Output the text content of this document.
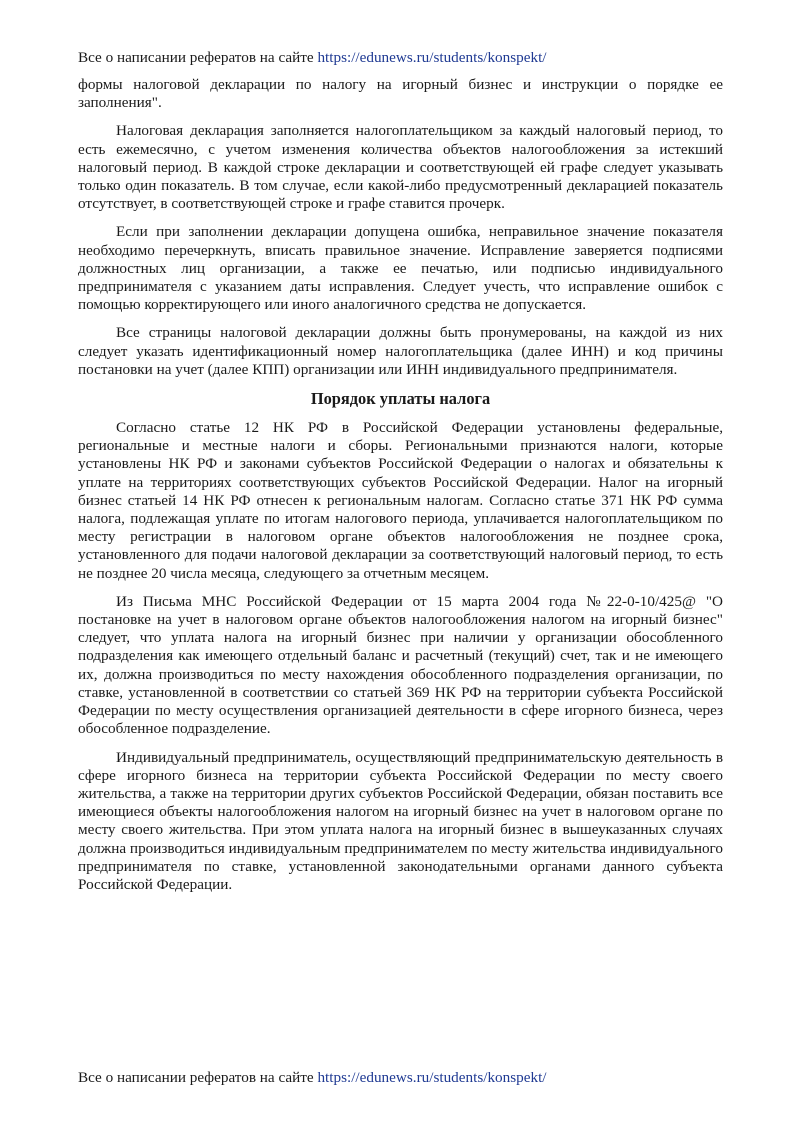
Все о написании рефератов на сайте https://edunews.ru/students/konspekt/

формы налоговой декларации по налогу на игорный бизнес и инструкции о порядке ее заполнения".

Налоговая декларация заполняется налогоплательщиком за каждый налоговый период, то есть ежемесячно, с учетом изменения количества объектов налогообложения за истекший налоговый период. В каждой строке декларации и соответствующей ей графе следует указывать только один показатель. В том случае, если какой-либо предусмотренный декларацией показатель отсутствует, в соответствующей строке и графе ставится прочерк.

Если при заполнении декларации допущена ошибка, неправильное значение показателя необходимо перечеркнуть, вписать правильное значение. Исправление заверяется подписями должностных лиц организации, а также ее печатью, или подписью индивидуального предпринимателя с указанием даты исправления. Следует учесть, что исправление ошибок с помощью корректирующего или иного аналогичного средства не допускается.

Все страницы налоговой декларации должны быть пронумерованы, на каждой из них следует указать идентификационный номер налогоплательщика (далее ИНН) и код причины постановки на учет (далее КПП) организации или ИНН индивидуального предпринимателя.

Порядок уплаты налога

Согласно статье 12 НК РФ в Российской Федерации установлены федеральные, региональные и местные налоги и сборы. Региональными признаются налоги, которые установлены НК РФ и законами субъектов Российской Федерации о налогах и обязательны к уплате на территориях соответствующих субъектов Российской Федерации. Налог на игорный бизнес статьей 14 НК РФ отнесен к региональным налогам. Согласно статье 371 НК РФ сумма налога, подлежащая уплате по итогам налогового периода, уплачивается налогоплательщиком по месту регистрации в налоговом органе объектов налогообложения не позднее срока, установленного для подачи налоговой декларации за соответствующий налоговый период, то есть не позднее 20 числа месяца, следующего за отчетным месяцем.

Из Письма МНС Российской Федерации от 15 марта 2004 года №22-0-10/425@ "О постановке на учет в налоговом органе объектов налогообложения налогом на игорный бизнес" следует, что уплата налога на игорный бизнес при наличии у организации обособленного подразделения как имеющего отдельный баланс и расчетный (текущий) счет, так и не имеющего их, должна производиться по месту нахождения обособленного подразделения организации, по ставке, установленной в соответствии со статьей 369 НК РФ на территории субъекта Российской Федерации по месту осуществления организацией деятельности в сфере игорного бизнеса, через обособленное подразделение.

Индивидуальный предприниматель, осуществляющий предпринимательскую деятельность в сфере игорного бизнеса на территории субъекта Российской Федерации по месту своего жительства, а также на территории других субъектов Российской Федерации, обязан поставить все имеющиеся объекты налогообложения налогом на игорный бизнес на учет в налоговом органе по месту своего жительства. При этом уплата налога на игорный бизнес в вышеуказанных случаях должна производиться индивидуальным предпринимателем по месту жительства индивидуального предпринимателя по ставке, установленной законодательными органами данного субъекта Российской Федерации.

Все о написании рефератов на сайте https://edunews.ru/students/konspekt/
